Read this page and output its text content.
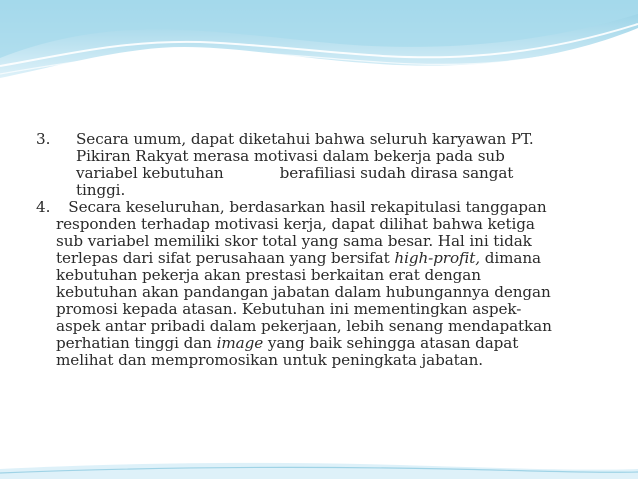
3.	Secara umum, dapat diketahui bahwa seluruh karyawan PT.
Pikiran Rakyat merasa motivasi dalam bekerja pada sub
variabel kebutuhan	berafiliasi sudah dirasa sangat
tinggi.

4. Secara keseluruhan, berdasarkan hasil rekapitulasi tanggapan
responden terhadap motivasi kerja, dapat dilihat bahwa ketiga
sub variabel memiliki skor total yang sama besar. Hal ini tidak
terlepas dari sifat perusahaan yang bersifat high-profit, dimana
kebutuhan pekerja akan prestasi berkaitan erat dengan
kebutuhan akan pandangan jabatan dalam hubungannya dengan
promosi kepada atasan. Kebutuhan ini mementingkan aspek-
aspek antar pribadi dalam pekerjaan, lebih senang mendapatkan
perhatian tinggi dan image yang baik sehingga atasan dapat
melihat dan mempromosikan untuk peningkata jabatan.
